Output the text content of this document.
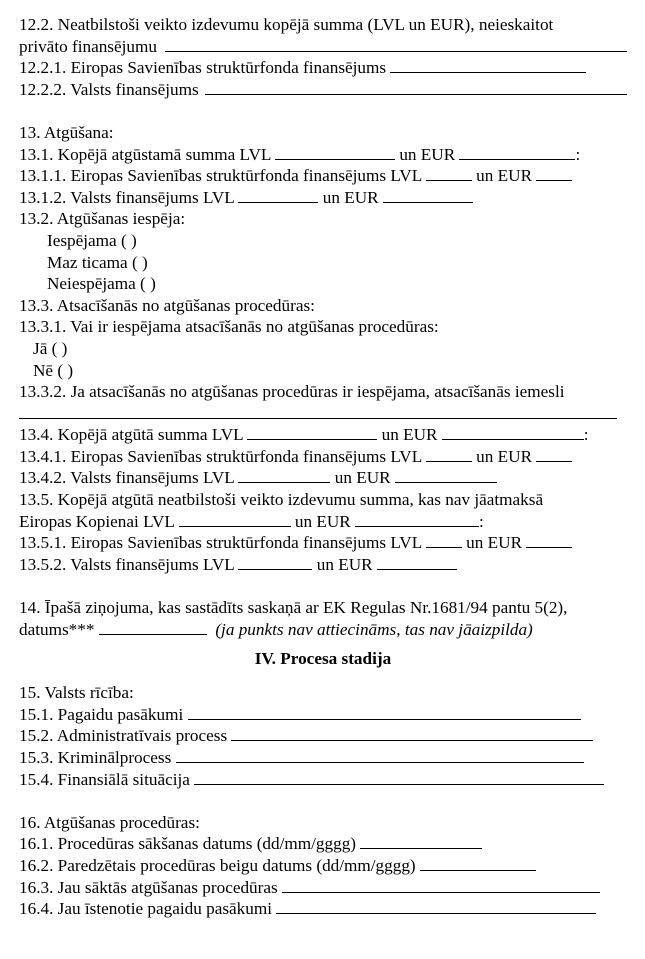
12.2. Neatbilstoši veikto izdevumu kopējā summa (LVL un EUR), neieskaitot
privāto finansējumu
12.2.1. Eiropas Savienības struktūrfonda finansējums
12.2.2. Valsts finansējums
13. Atgūšana:
13.1. Kopējā atgūstamā summa LVL	un EUR	:
13.1.1. Eiropas Savienības struktūrfonda finansējums LVL	un EUR
13.1.2. Valsts finansējums LVL	un EUR
13.2. Atgūšanas iespēja:
Iespējama ( )
Maz ticama ( )
Neiespējama ( )
13.3. Atsacīšanās no atgūšanas procedūras:
13.3.1. Vai ir iespējama atsacīšanās no atgūšanas procedūras:
Jā ( )
Nē ( )
13.3.2. Ja atsacīšanās no atgūšanas procedūras ir iespējama, atsacīšanās iemesli
13.4. Kopējā atgūtā summa LVL	un EUR	:
13.4.1. Eiropas Savienības struktūrfonda finansējums LVL	un EUR
13.4.2. Valsts finansējums LVL	un EUR
13.5. Kopējā atgūtā neatbilstoši veikto izdevumu summa, kas nav jāatmaksā
Eiropas Kopienai LVL	un EUR	:
13.5.1. Eiropas Savienības struktūrfonda finansējums LVL	un EUR
13.5.2. Valsts finansējums LVL	un EUR
14. Īpašā ziņojuma, kas sastādīts saskaņā ar EK Regulas Nr.1681/94 pantu 5(2),
datums***	(ja punkts nav attiecināms, tas nav jāaizpilda)
IV. Procesa stadija
15. Valsts rīcība:
15.1. Pagaidu pasākumi
15.2. Administratīvais process
15.3. Kriminālprocess
15.4. Finansiālā situācija
16. Atgūšanas procedūras:
16.1. Procedūras sākšanas datums (dd/mm/gggg)
16.2. Paredzētais procedūras beigu datums (dd/mm/gggg)
16.3. Jau sāktās atgūšanas procedūras
16.4. Jau īstenotie pagaidu pasākumi
